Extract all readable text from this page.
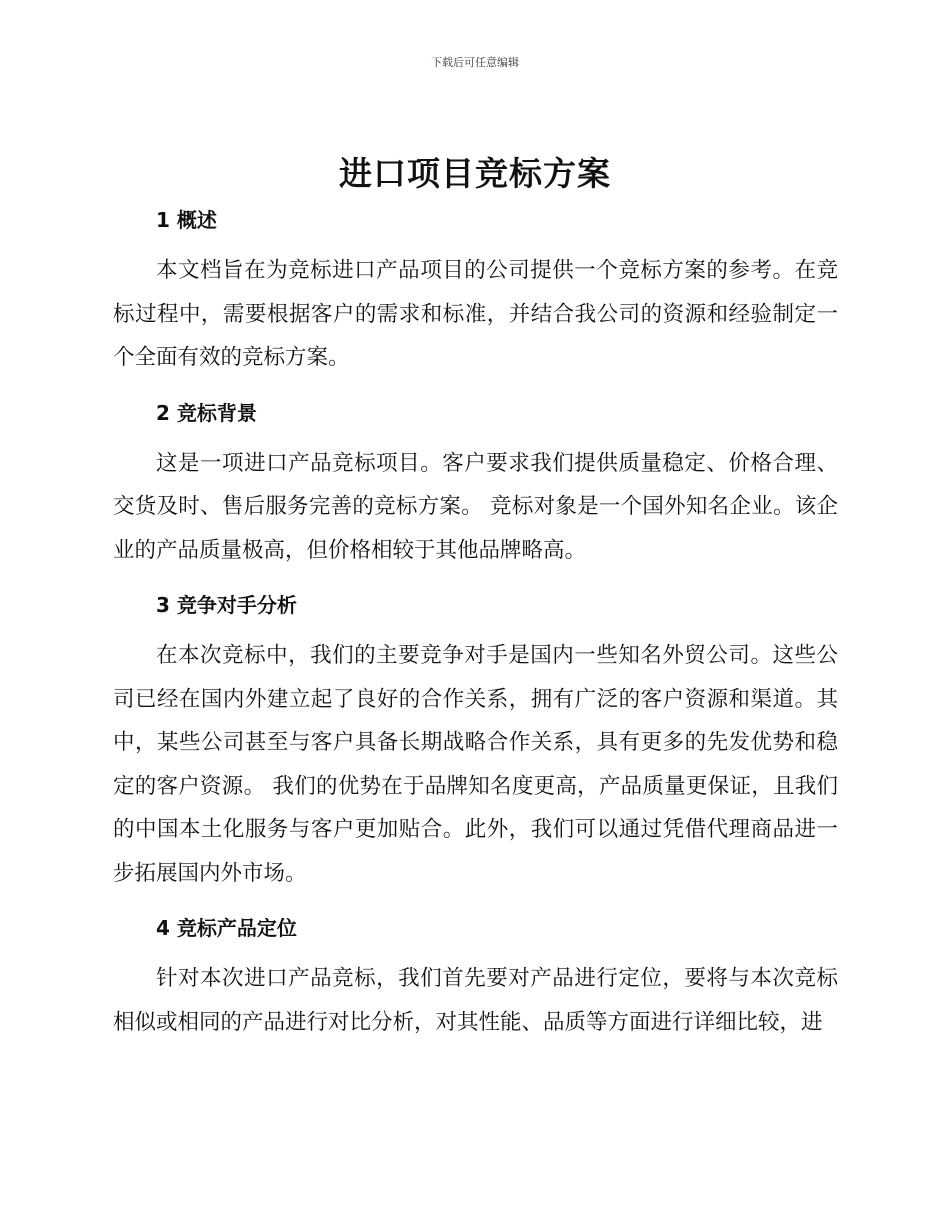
下载后可任意编辑
进口项目竞标方案
1 概述

本文档旨在为竞标进口产品项目的公司提供一个竞标方案的参考。在竞标过程中，需要根据客户的需求和标准，并结合我公司的资源和经验制定一个全面有效的竞标方案。

2 竞标背景

这是一项进口产品竞标项目。客户要求我们提供质量稳定、价格合理、交货及时、售后服务完善的竞标方案。 竞标对象是一个国外知名企业。该企业的产品质量极高，但价格相较于其他品牌略高。

3 竞争对手分析

在本次竞标中，我们的主要竞争对手是国内一些知名外贸公司。这些公司已经在国内外建立起了良好的合作关系，拥有广泛的客户资源和渠道。其中，某些公司甚至与客户具备长期战略合作关系，具有更多的先发优势和稳定的客户资源。 我们的优势在于品牌知名度更高，产品质量更保证，且我们的中国本土化服务与客户更加贴合。此外，我们可以通过凭借代理商品进一步拓展国内外市场。

4 竞标产品定位

针对本次进口产品竞标，我们首先要对产品进行定位，要将与本次竞标相似或相同的产品进行对比分析，对其性能、品质等方面进行详细比较，进
